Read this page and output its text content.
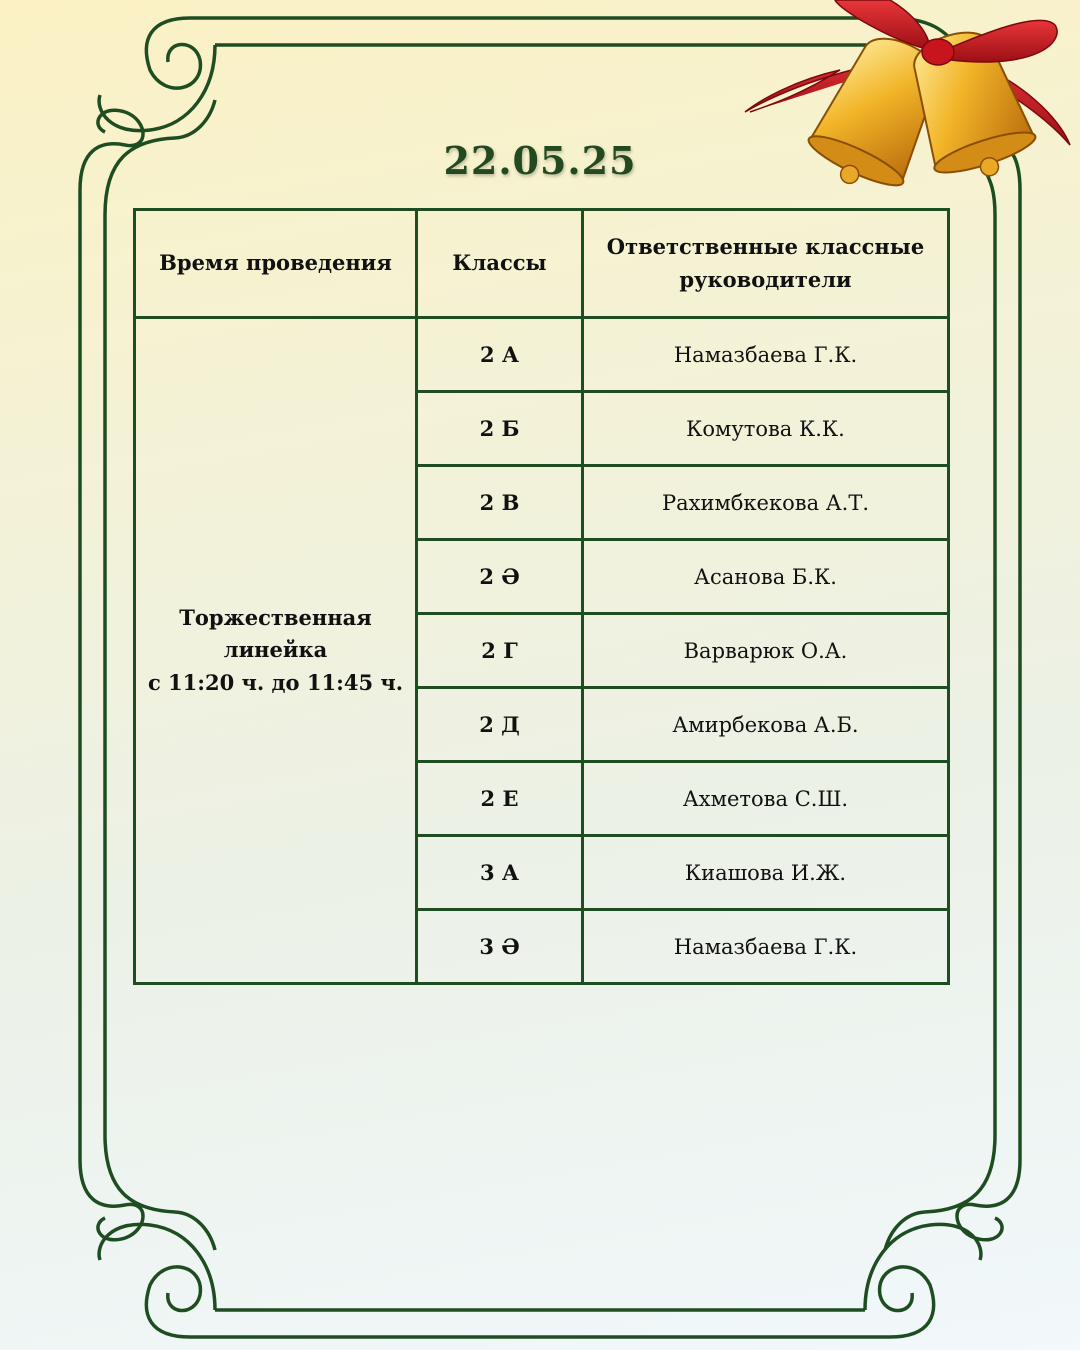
22.05.25
Время проведения	Классы	Ответственные классные
руководители

Торжественная
линейка
с 11:20 ч. до 11:45 ч.	2 А	Намазбаева Г.К.
	2 Б	Комутова К.К.
	2 В	Рахимбкекова А.Т.
	2 Ә	Асанова Б.К.
	2 Г	Варварюк О.А.
	2 Д	Амирбекова А.Б.
	2 Е	Ахметова С.Ш.
	3 А	Киашова И.Ж.
	3 Ә	Намазбаева Г.К.
